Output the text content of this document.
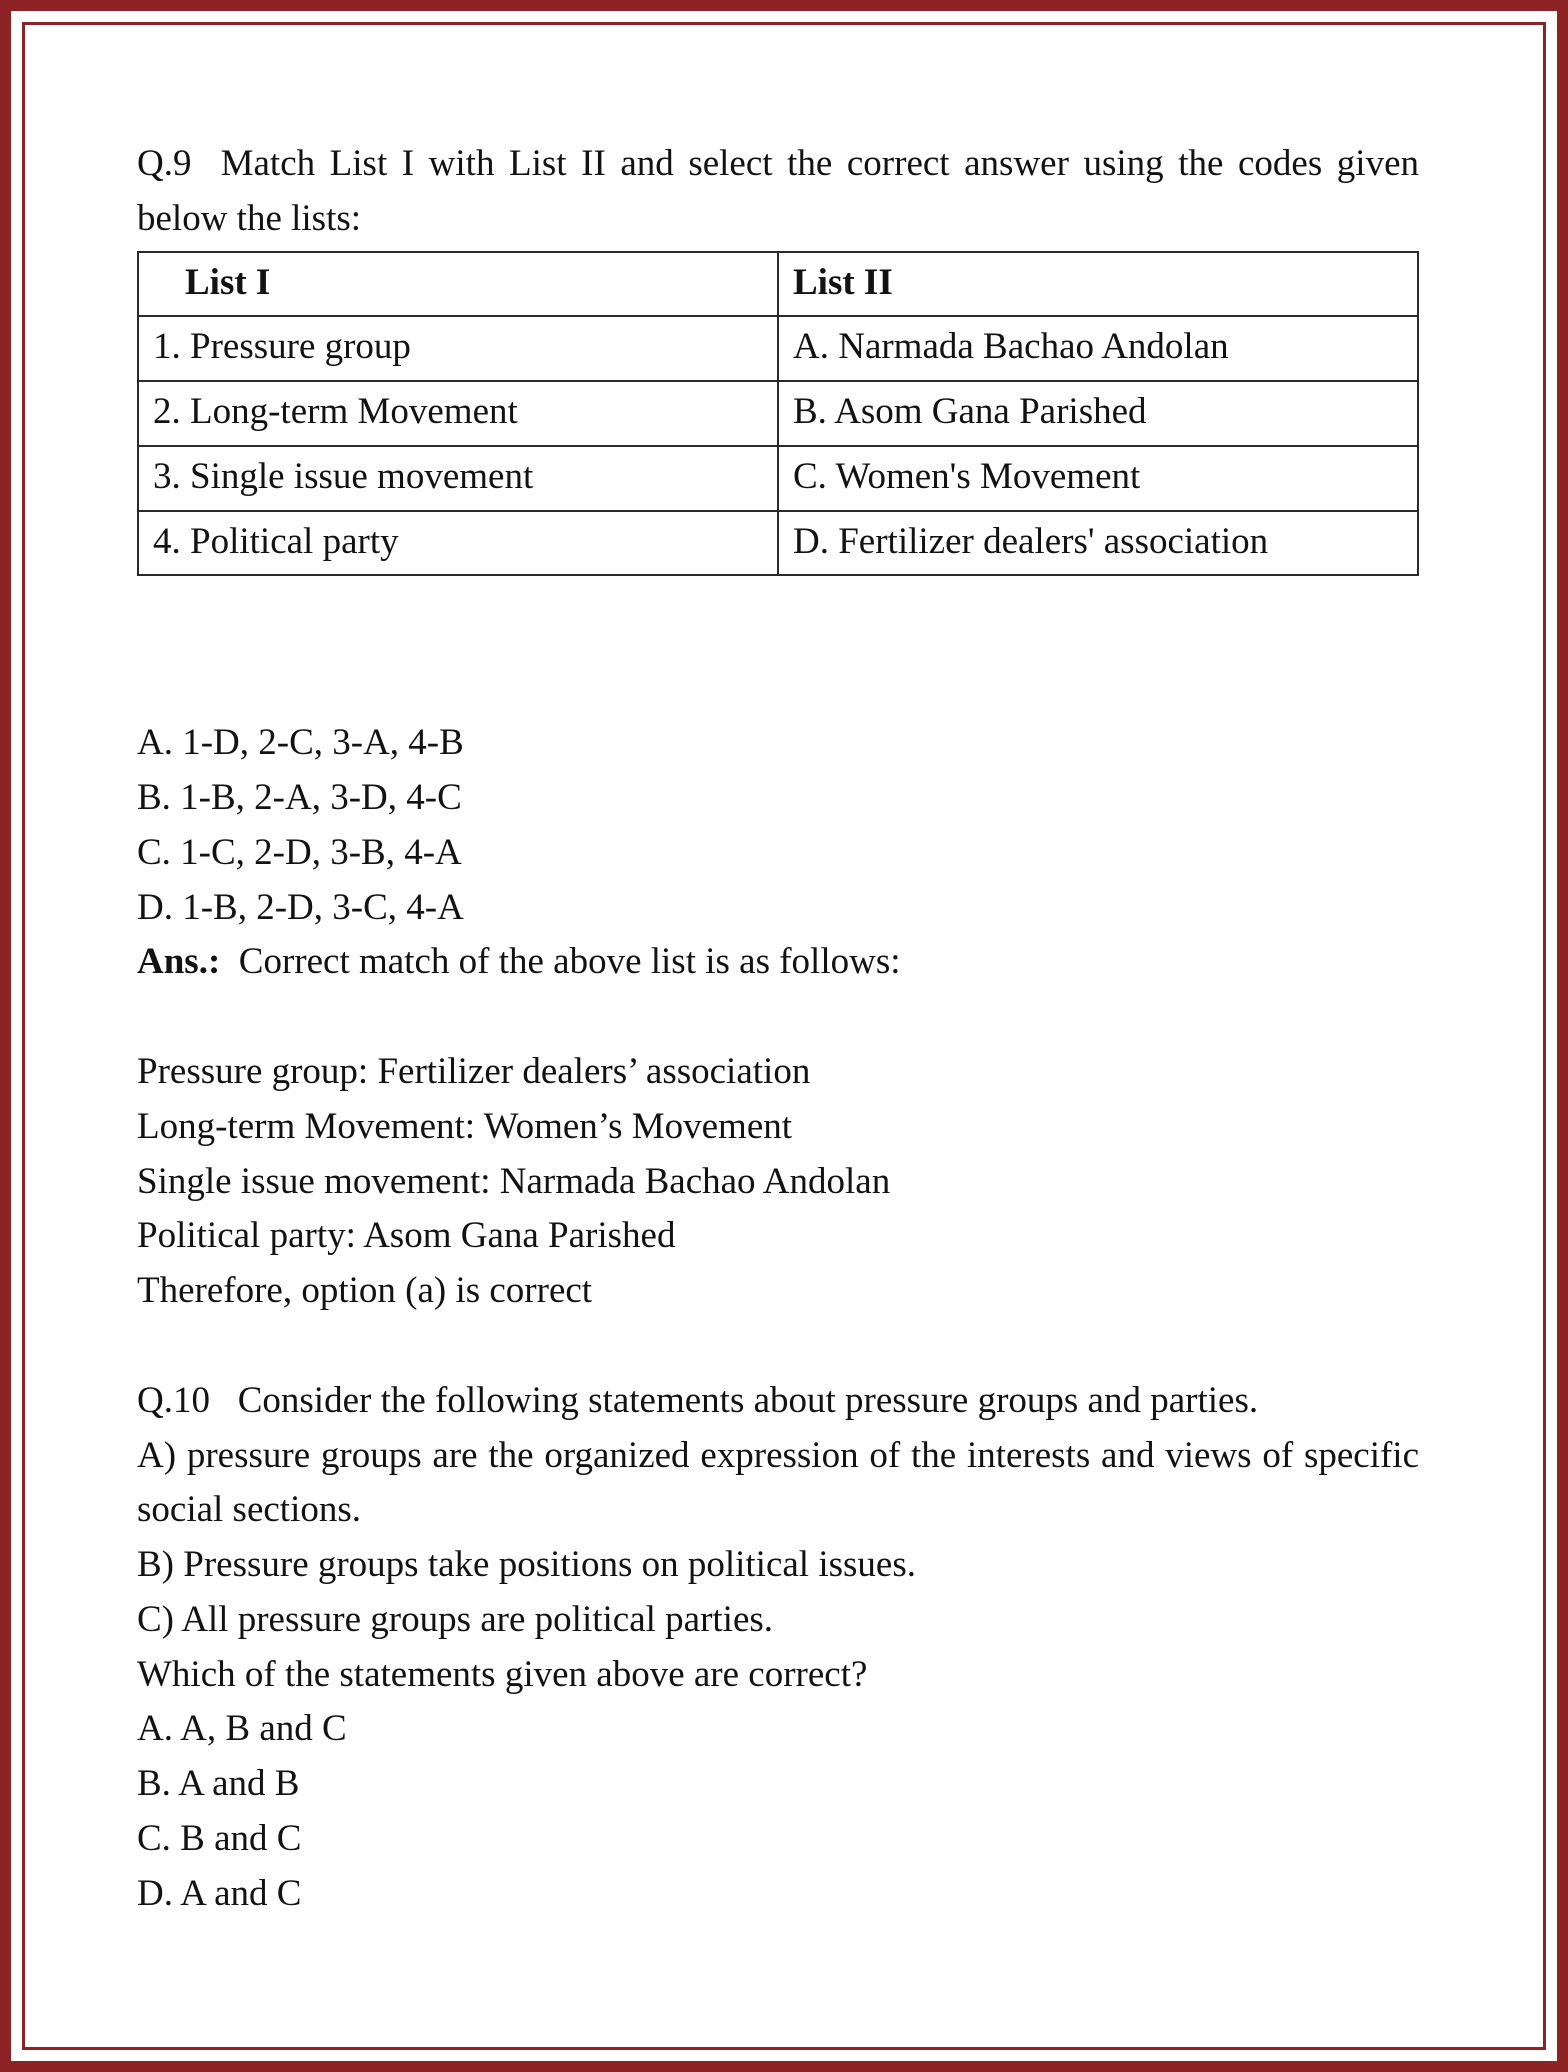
Q.9  Match List I with List II and select the correct answer using the codes given below the lists:

List I	List II
1. Pressure group	A. Narmada Bachao Andolan
2. Long-term Movement	B. Asom Gana Parished
3. Single issue movement	C. Women's Movement
4. Political party	D. Fertilizer dealers' association

A. 1-D, 2-C, 3-A, 4-B

B. 1-B, 2-A, 3-D, 4-C

C. 1-C, 2-D, 3-B, 4-A

D. 1-B, 2-D, 3-C, 4-A

Ans.: Correct match of the above list is as follows:

Pressure group: Fertilizer dealers’ association

Long-term Movement: Women’s Movement

Single issue movement: Narmada Bachao Andolan

Political party: Asom Gana Parished

Therefore, option (a) is correct

Q.10   Consider the following statements about pressure groups and parties.

A) pressure groups are the organized expression of the interests and views of specific social sections.

B) Pressure groups take positions on political issues.

C) All pressure groups are political parties.

Which of the statements given above are correct?

A. A, B and C

B. A and B

C. B and C

D. A and C
